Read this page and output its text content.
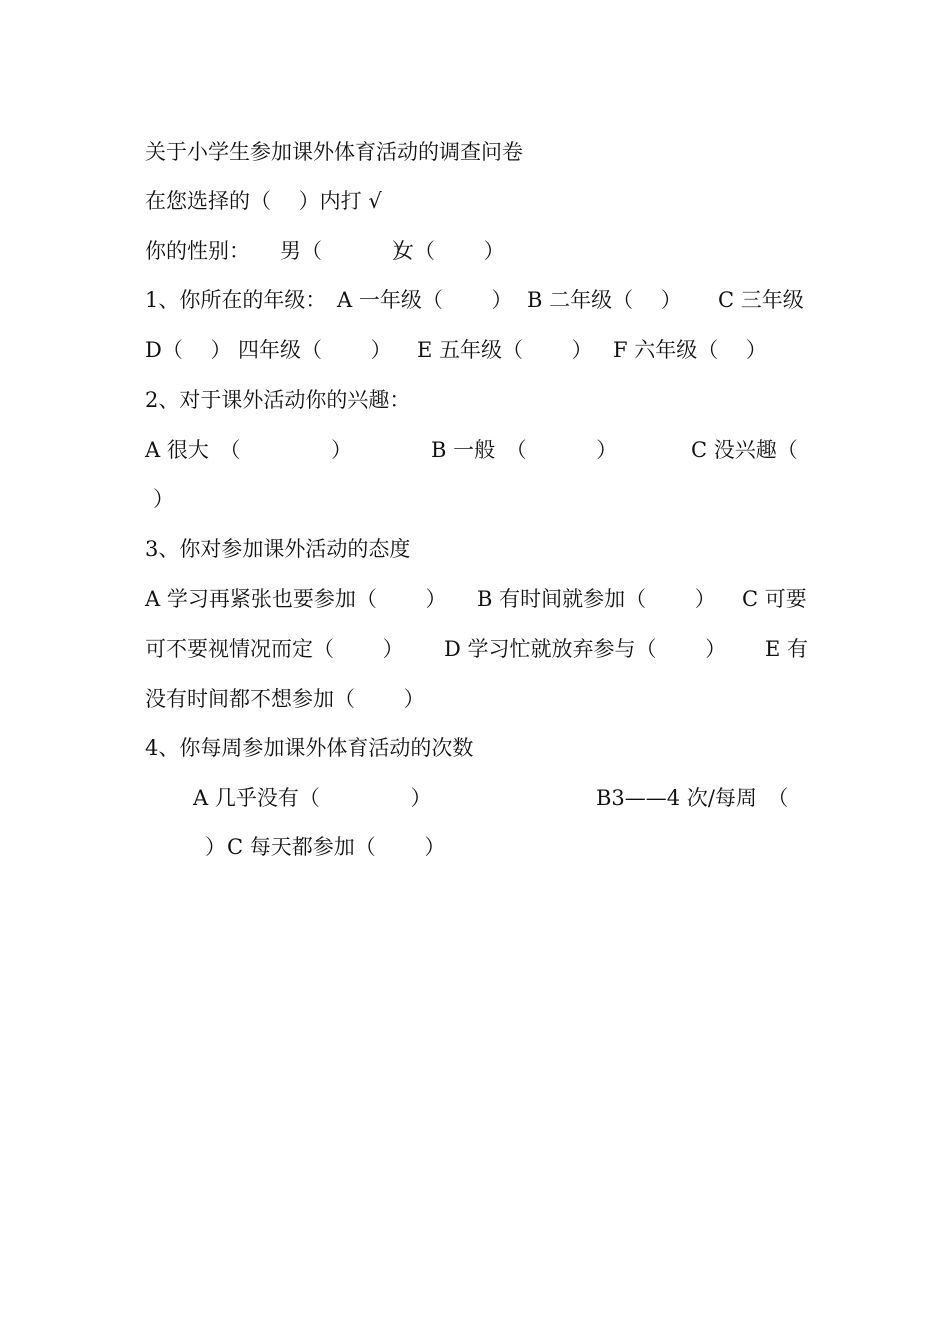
关于小学生参加课外体育活动的调查问卷
在您选择的（　 ）内打 √
你的性别： 男（　　　 ）
女（　　 ）
1、你所在的年级： A 一年级（　　 ） B 二年级（　 ） C 三年级
D（　 ） 四年级（　　 ） E 五年级（　　 ） F 六年级（　 ）
2、对于课外活动你的兴趣：
A 很大　（　　　　 ）	B 一般　（　　　 ）	C 没兴趣（
）
3、你对参加课外活动的态度
A 学习再紧张也要参加（　　 ） B 有时间就参加（　　 ） C 可要
可不要视情况而定（　　 ） D 学习忙就放弃参与（　　 ） E 有
没有时间都不想参加（　　 ）
4、你每周参加课外体育活动的次数
A 几乎没有（　　　　 ）	B3——4 次/每周　（
） C 每天都参加（　　 ）
